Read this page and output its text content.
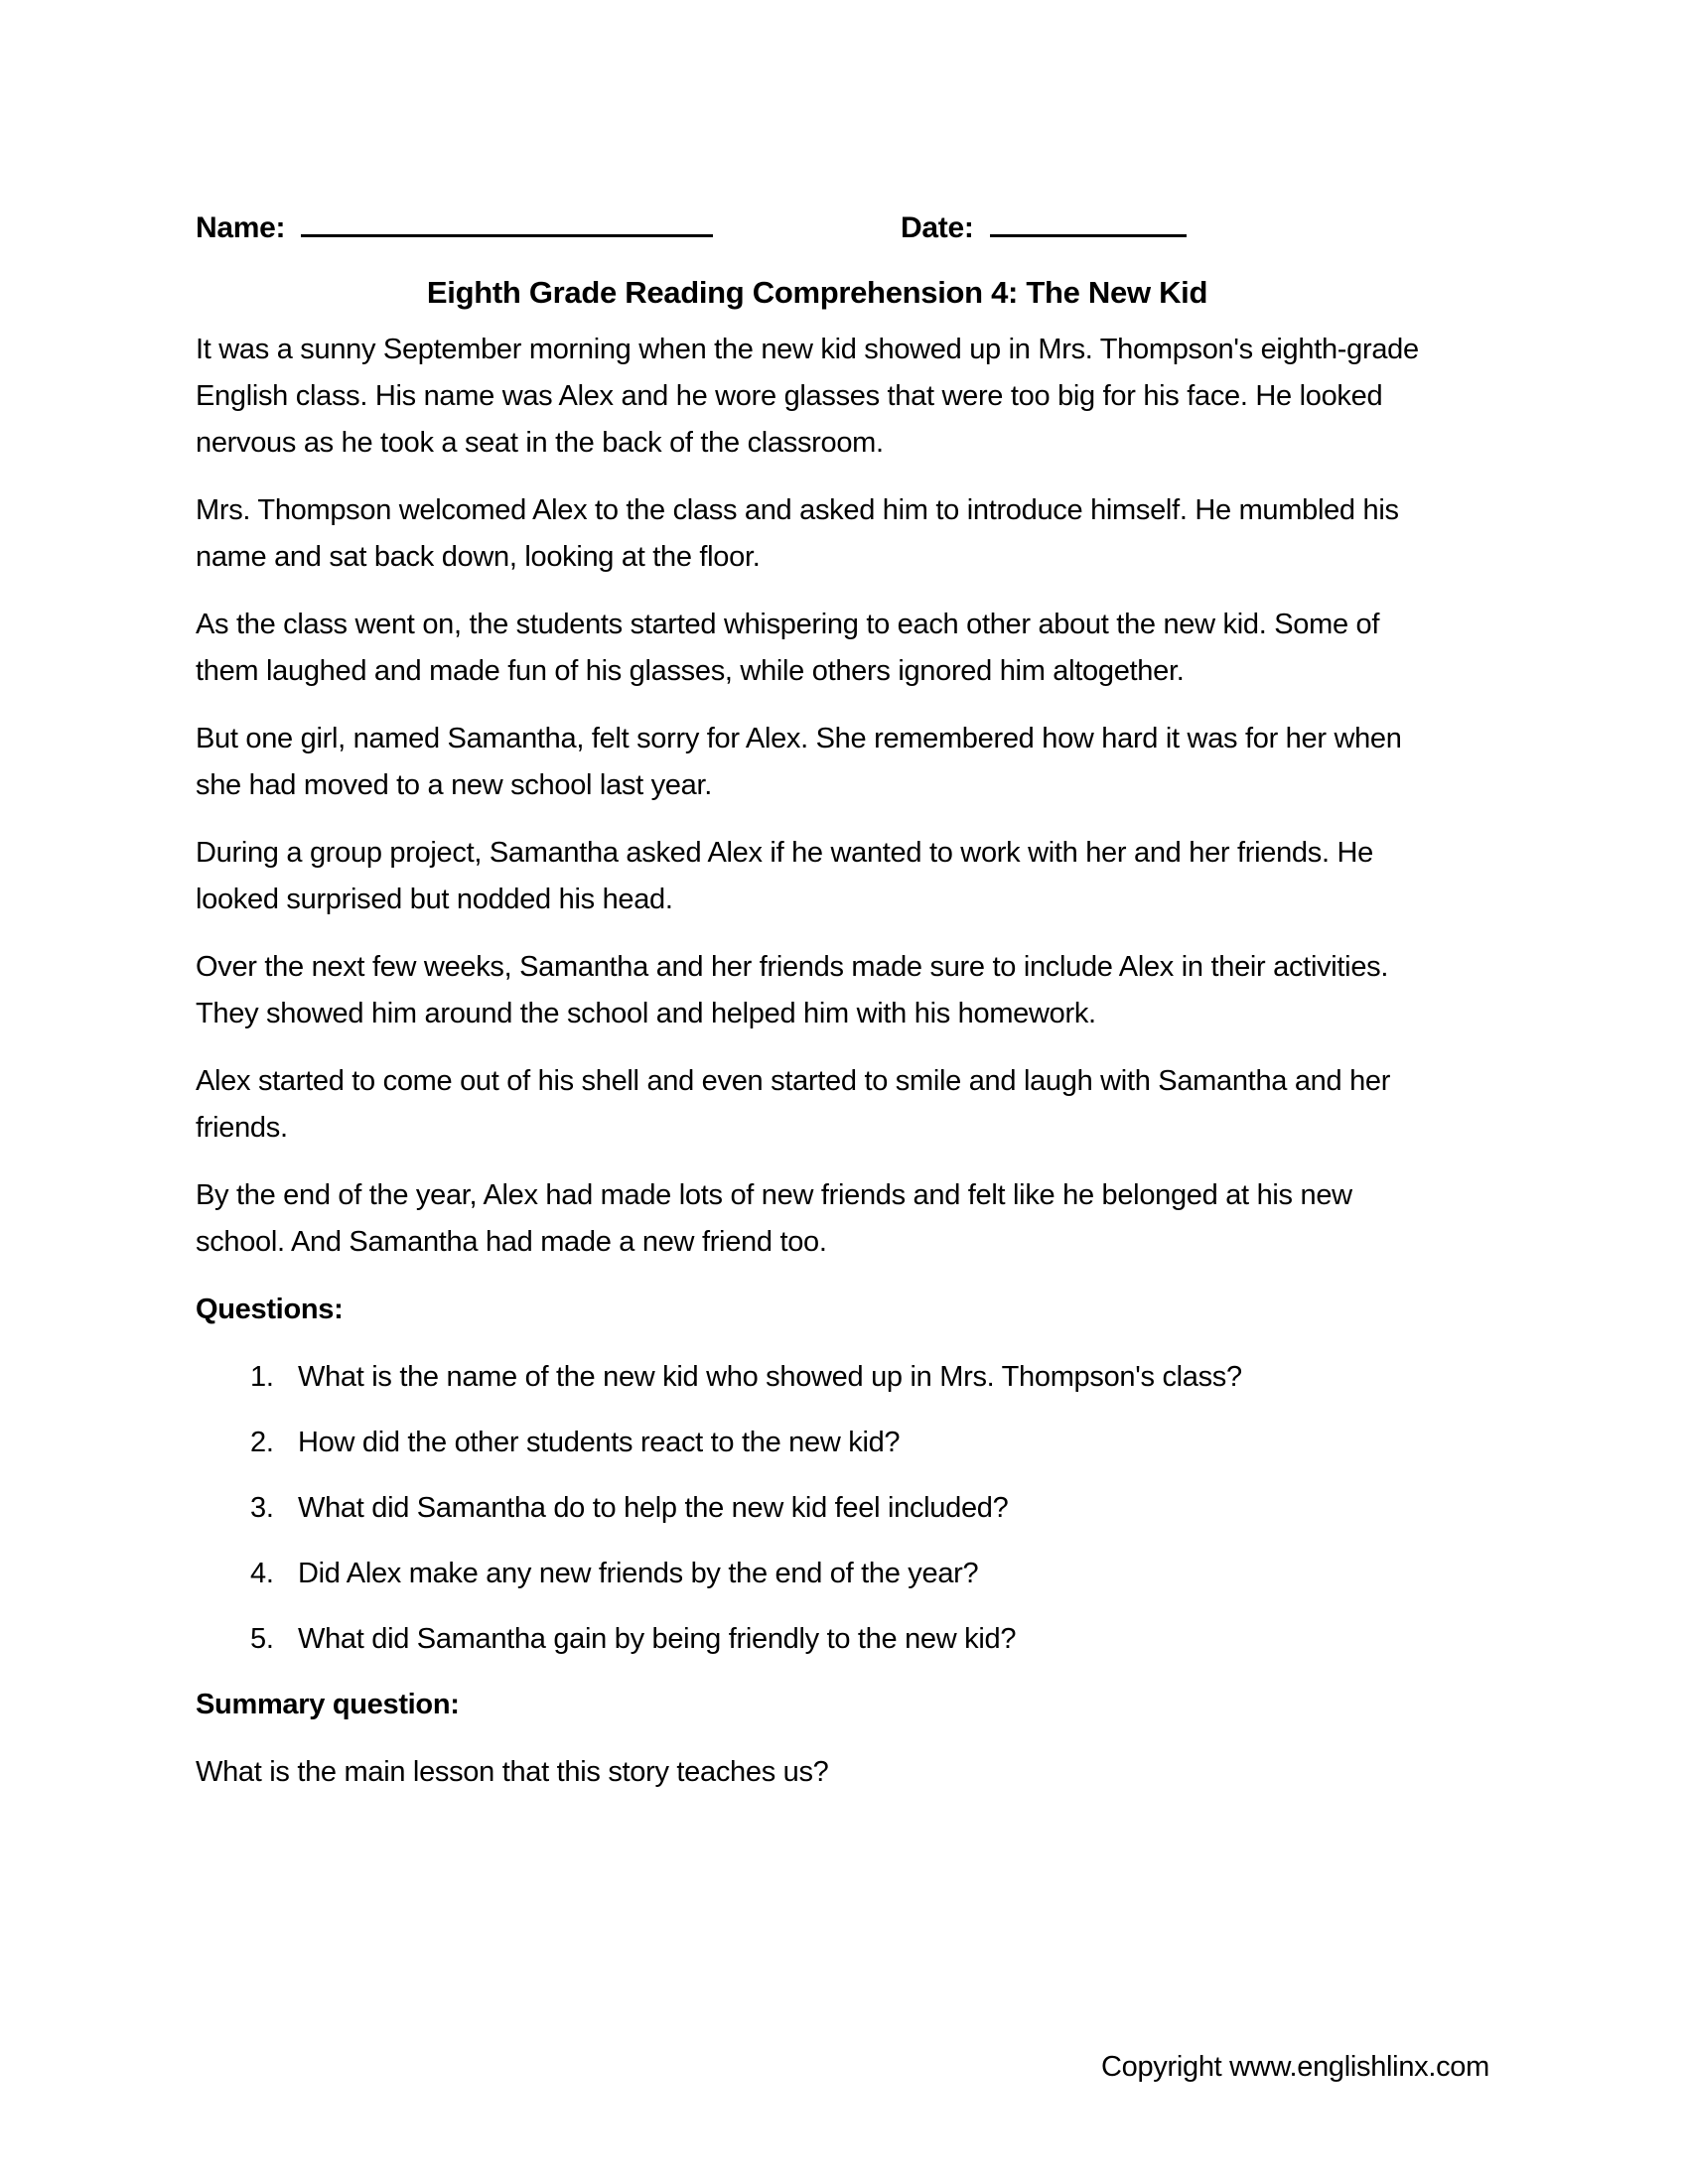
Name:	Date:
Eighth Grade Reading Comprehension 4: The New Kid

It was a sunny September morning when the new kid showed up in Mrs. Thompson's eighth-grade English class. His name was Alex and he wore glasses that were too big for his face. He looked nervous as he took a seat in the back of the classroom.

Mrs. Thompson welcomed Alex to the class and asked him to introduce himself. He mumbled his name and sat back down, looking at the floor.

As the class went on, the students started whispering to each other about the new kid. Some of them laughed and made fun of his glasses, while others ignored him altogether.

But one girl, named Samantha, felt sorry for Alex. She remembered how hard it was for her when she had moved to a new school last year.

During a group project, Samantha asked Alex if he wanted to work with her and her friends. He looked surprised but nodded his head.

Over the next few weeks, Samantha and her friends made sure to include Alex in their activities. They showed him around the school and helped him with his homework.

Alex started to come out of his shell and even started to smile and laugh with Samantha and her friends.

By the end of the year, Alex had made lots of new friends and felt like he belonged at his new school. And Samantha had made a new friend too.

Questions:
1. What is the name of the new kid who showed up in Mrs. Thompson's class?
2. How did the other students react to the new kid?
3. What did Samantha do to help the new kid feel included?
4. Did Alex make any new friends by the end of the year?
5. What did Samantha gain by being friendly to the new kid?
Summary question:

What is the main lesson that this story teaches us?

Copyright www.englishlinx.com
